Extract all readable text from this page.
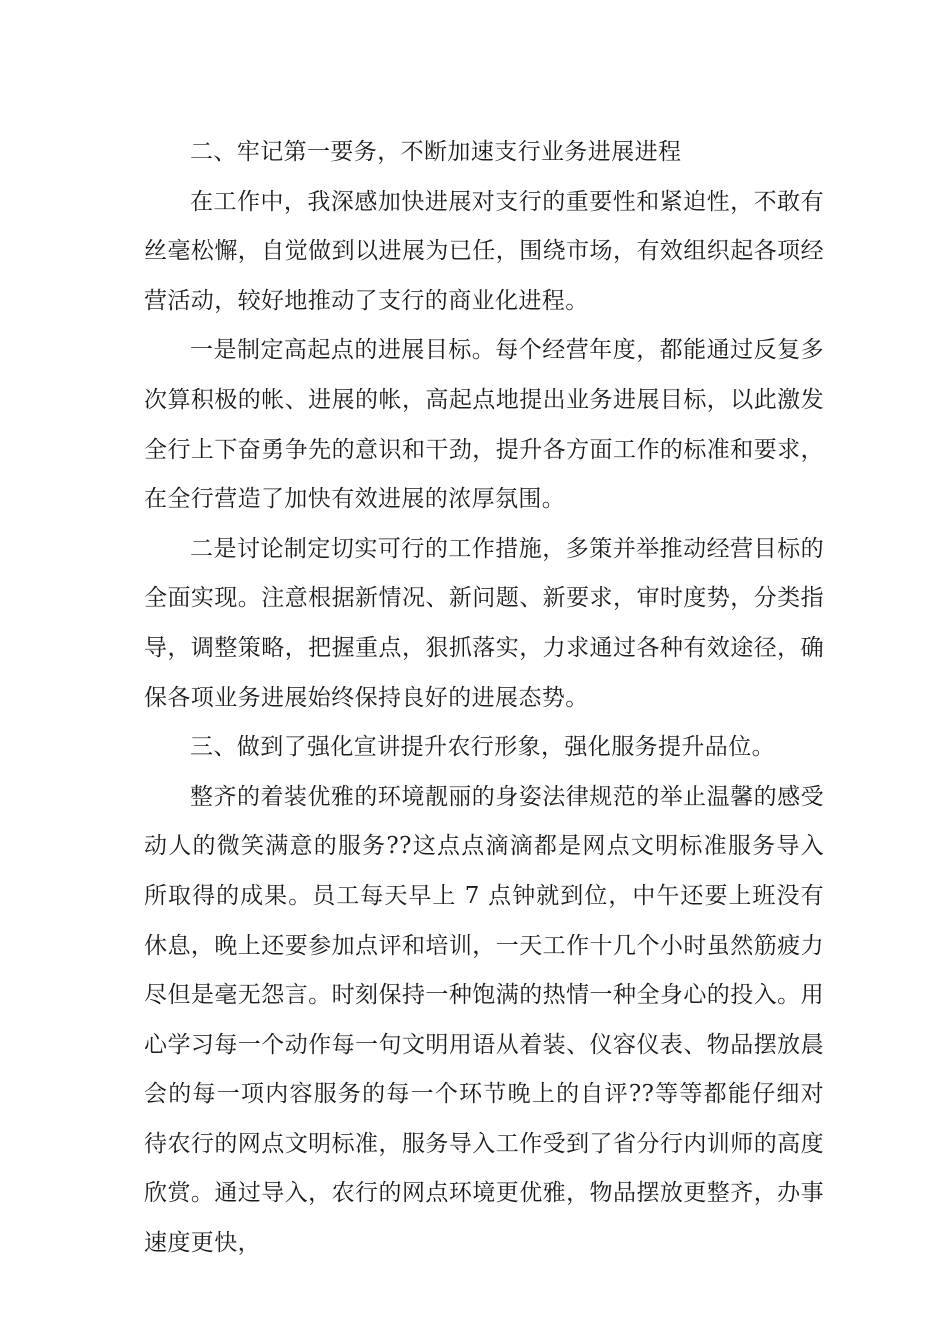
二、牢记第一要务，不断加速支行业务进展进程

在工作中，我深感加快进展对支行的重要性和紧迫性，不敢有丝毫松懈，自觉做到以进展为已任，围绕市场，有效组织起各项经营活动，较好地推动了支行的商业化进程。

一是制定高起点的进展目标。每个经营年度，都能通过反复多次算积极的帐、进展的帐，高起点地提出业务进展目标，以此激发全行上下奋勇争先的意识和干劲，提升各方面工作的标准和要求，在全行营造了加快有效进展的浓厚氛围。

二是讨论制定切实可行的工作措施，多策并举推动经营目标的全面实现。注意根据新情况、新问题、新要求，审时度势，分类指导，调整策略，把握重点，狠抓落实，力求通过各种有效途径，确保各项业务进展始终保持良好的进展态势。

三、做到了强化宣讲提升农行形象，强化服务提升品位。

整齐的着装优雅的环境靓丽的身姿法律规范的举止温馨的感受动人的微笑满意的服务??这点点滴滴都是网点文明标准服务导入所取得的成果。员工每天早上 7 点钟就到位，中午还要上班没有休息，晚上还要参加点评和培训，一天工作十几个小时虽然筋疲力尽但是毫无怨言。时刻保持一种饱满的热情一种全身心的投入。用心学习每一个动作每一句文明用语从着装、仪容仪表、物品摆放晨会的每一项内容服务的每一个环节晚上的自评??等等都能仔细对待农行的网点文明标准，服务导入工作受到了省分行内训师的高度欣赏。通过导入，农行的网点环境更优雅，物品摆放更整齐，办事速度更快，
